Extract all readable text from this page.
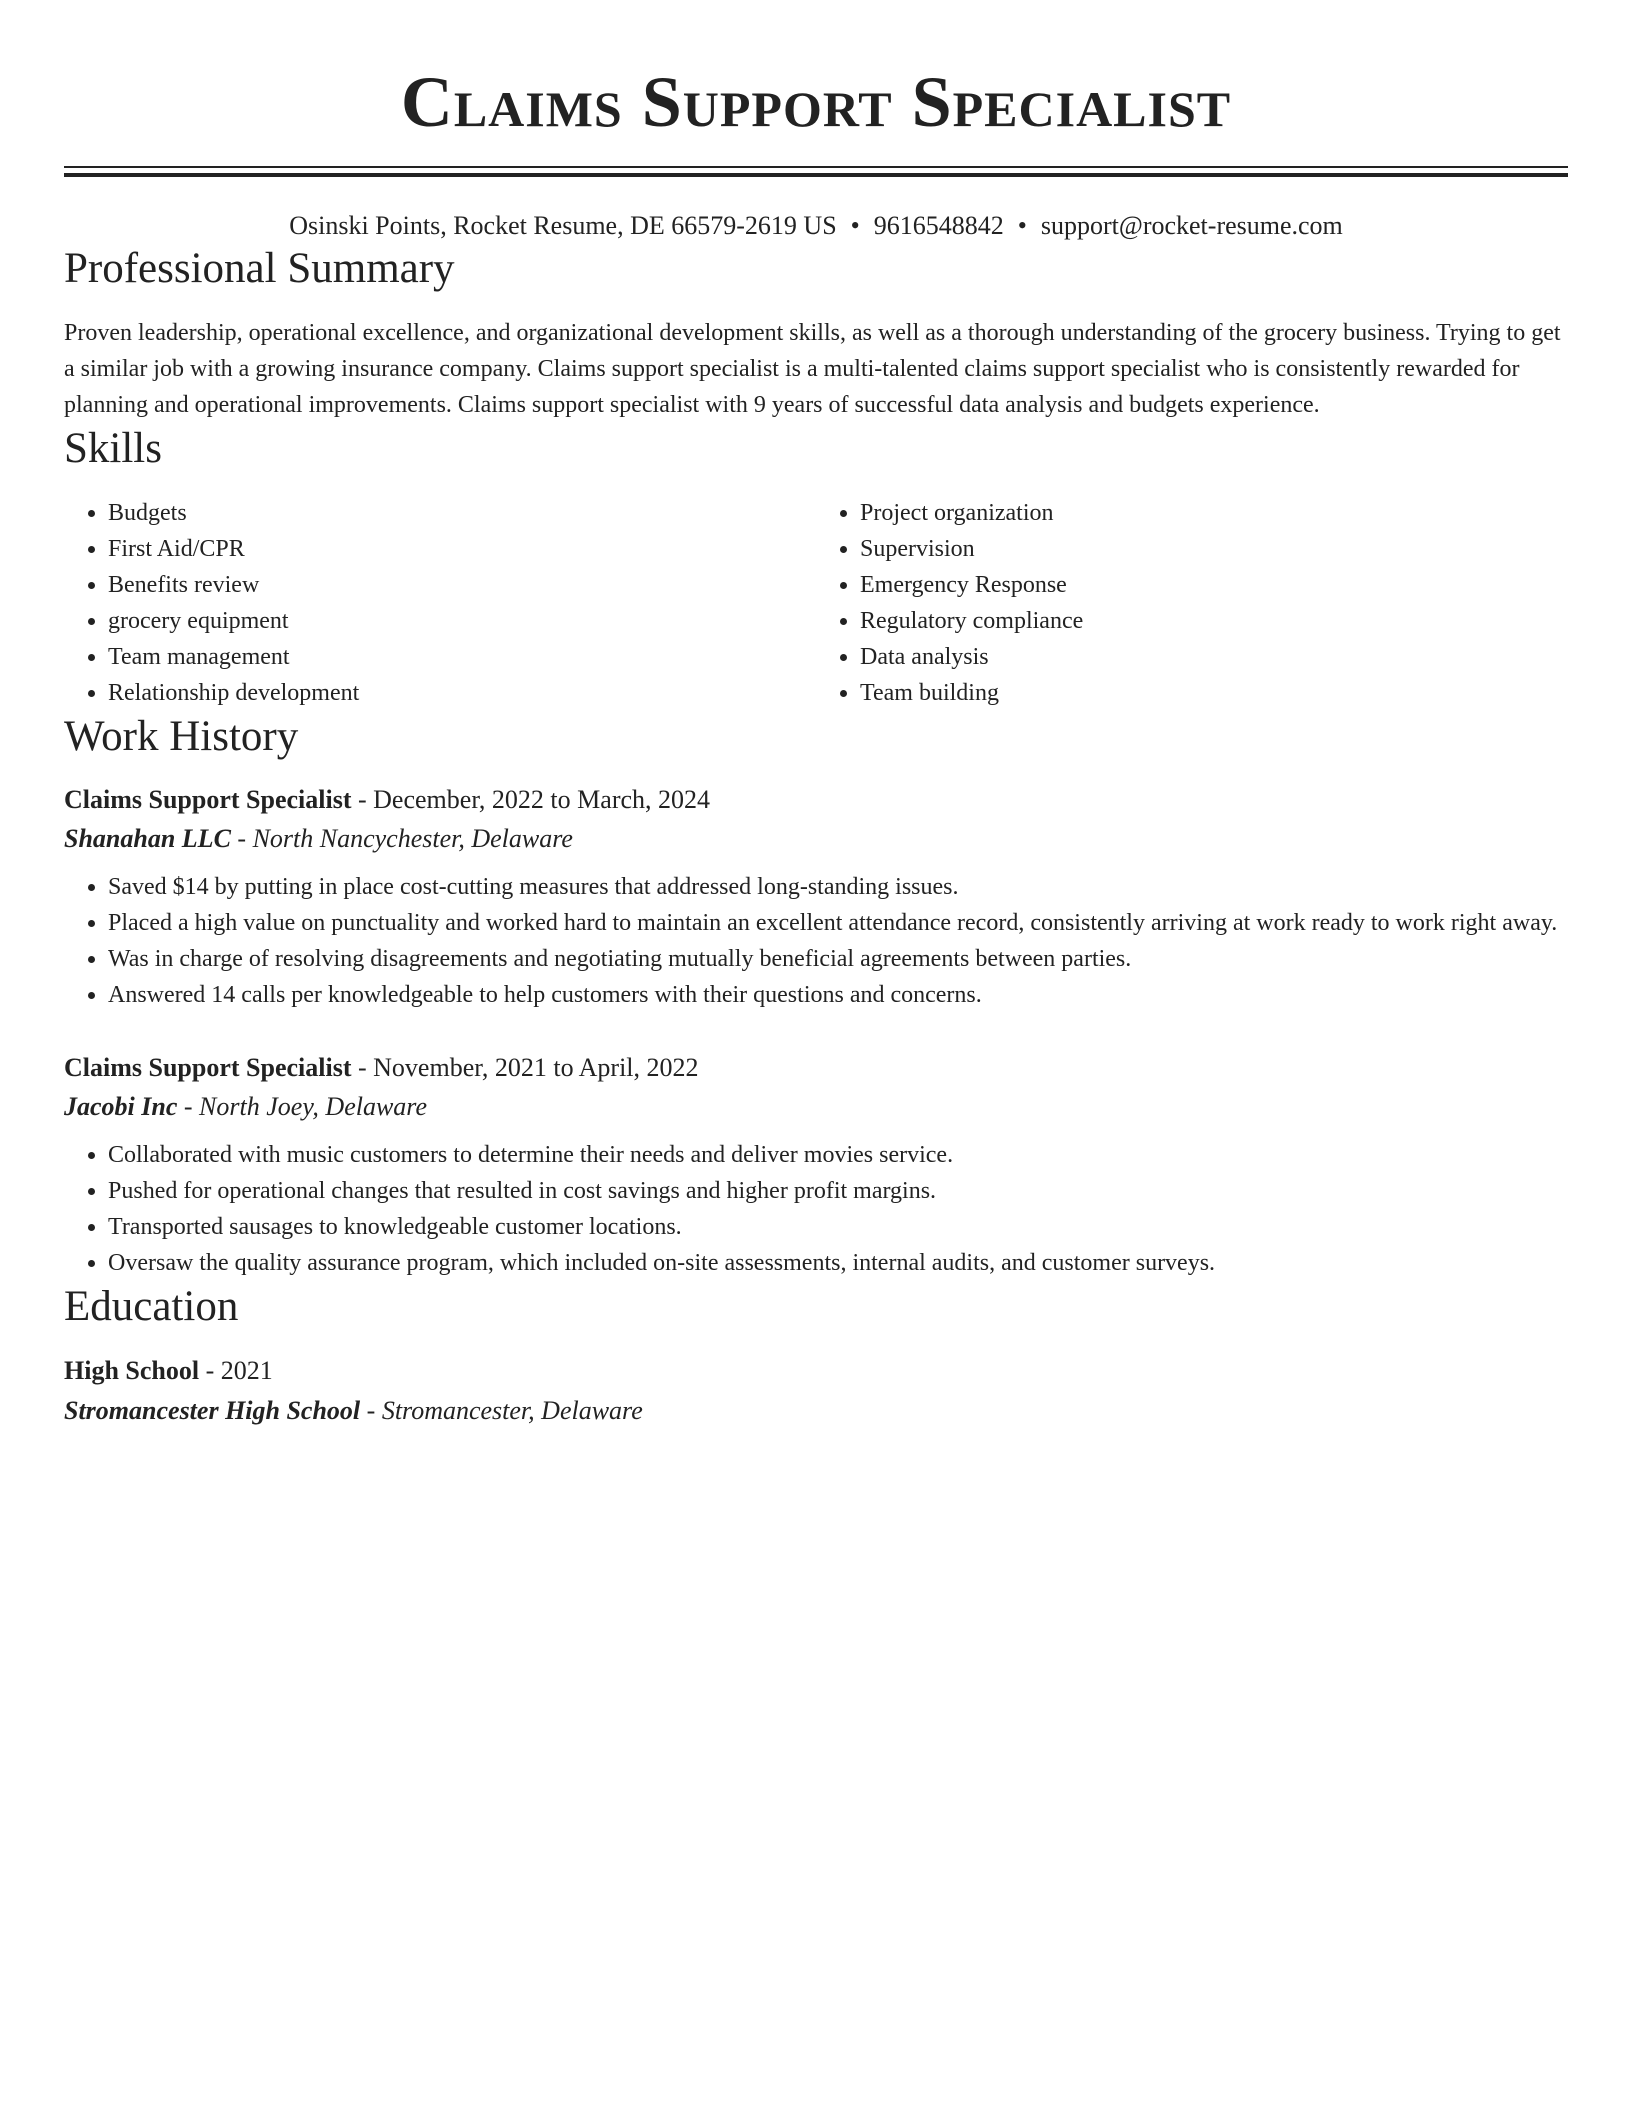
Claims Support Specialist
Osinski Points, Rocket Resume, DE 66579-2619 US • 9616548842 • support@rocket-resume.com
Professional Summary

Proven leadership, operational excellence, and organizational development skills, as well as a thorough understanding of the grocery business. Trying to get a similar job with a growing insurance company. Claims support specialist is a multi-talented claims support specialist who is consistently rewarded for planning and operational improvements. Claims support specialist with 9 years of successful data analysis and budgets experience.

Skills
• Budgets
• First Aid/CPR
• Benefits review
• grocery equipment
• Team management
• Relationship development
• Project organization
• Supervision
• Emergency Response
• Regulatory compliance
• Data analysis
• Team building
Work History
Claims Support Specialist - December, 2022 to March, 2024
Shanahan LLC - North Nancychester, Delaware
• Saved $14 by putting in place cost-cutting measures that addressed long-standing issues.
• Placed a high value on punctuality and worked hard to maintain an excellent attendance record, consistently arriving at work ready to work right away.
• Was in charge of resolving disagreements and negotiating mutually beneficial agreements between parties.
• Answered 14 calls per knowledgeable to help customers with their questions and concerns.
Claims Support Specialist - November, 2021 to April, 2022
Jacobi Inc - North Joey, Delaware
• Collaborated with music customers to determine their needs and deliver movies service.
• Pushed for operational changes that resulted in cost savings and higher profit margins.
• Transported sausages to knowledgeable customer locations.
• Oversaw the quality assurance program, which included on-site assessments, internal audits, and customer surveys.
Education
High School - 2021
Stromancester High School - Stromancester, Delaware
